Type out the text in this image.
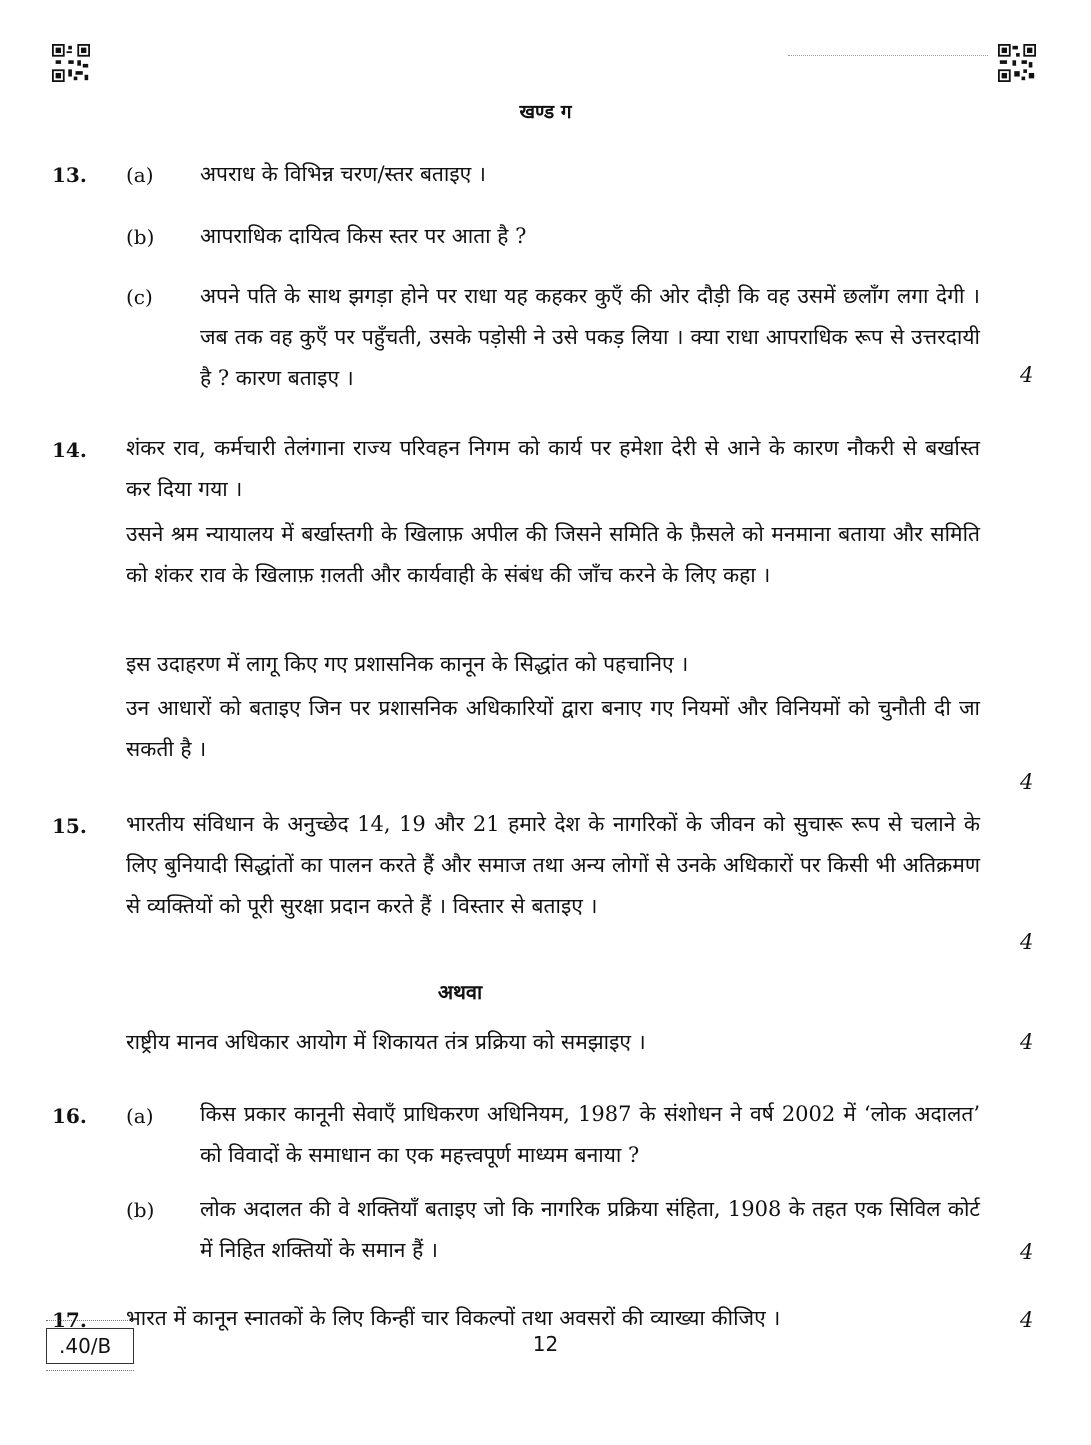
खण्ड ग
13. (a) अपराध के विभिन्न चरण/स्तर बताइए ।
(b) आपराधिक दायित्व किस स्तर पर आता है ?
(c) अपने पति के साथ झगड़ा होने पर राधा यह कहकर कुएँ की ओर दौड़ी कि वह उसमें छलाँग लगा देगी । जब तक वह कुएँ पर पहुँचती, उसके पड़ोसी ने उसे पकड़ लिया । क्या राधा आपराधिक रूप से उत्तरदायी है ? कारण बताइए ।	4
14. शंकर राव, कर्मचारी तेलंगाना राज्य परिवहन निगम को कार्य पर हमेशा देरी से आने के कारण नौकरी से बर्खास्त कर दिया गया ।
उसने श्रम न्यायालय में बर्खास्तगी के खिलाफ़ अपील की जिसने समिति के फ़ैसले को मनमाना बताया और समिति को शंकर राव के खिलाफ़ ग़लती और कार्यवाही के संबंध की जाँच करने के लिए कहा ।
इस उदाहरण में लागू किए गए प्रशासनिक कानून के सिद्धांत को पहचानिए ।
उन आधारों को बताइए जिन पर प्रशासनिक अधिकारियों द्वारा बनाए गए नियमों और विनियमों को चुनौती दी जा सकती है ।
4
15. भारतीय संविधान के अनुच्छेद 14, 19 और 21 हमारे देश के नागरिकों के जीवन को सुचारू रूप से चलाने के लिए बुनियादी सिद्धांतों का पालन करते हैं और समाज तथा अन्य लोगों से उनके अधिकारों पर किसी भी अतिक्रमण से व्यक्तियों को पूरी सुरक्षा प्रदान करते हैं । विस्तार से बताइए ।
4
अथवा
राष्ट्रीय मानव अधिकार आयोग में शिकायत तंत्र प्रक्रिया को समझाइए ।	4
16. (a) किस प्रकार कानूनी सेवाएँ प्राधिकरण अधिनियम, 1987 के संशोधन ने वर्ष 2002 में ‘लोक अदालत’ को विवादों के समाधान का एक महत्त्वपूर्ण माध्यम बनाया ?
(b) लोक अदालत की वे शक्तियाँ बताइए जो कि नागरिक प्रक्रिया संहिता, 1908 के तहत एक सिविल कोर्ट में निहित शक्तियों के समान हैं ।	4
17. भारत में कानून स्नातकों के लिए किन्हीं चार विकल्पों तथा अवसरों की व्याख्या कीजिए ।	4
.40/B	12
